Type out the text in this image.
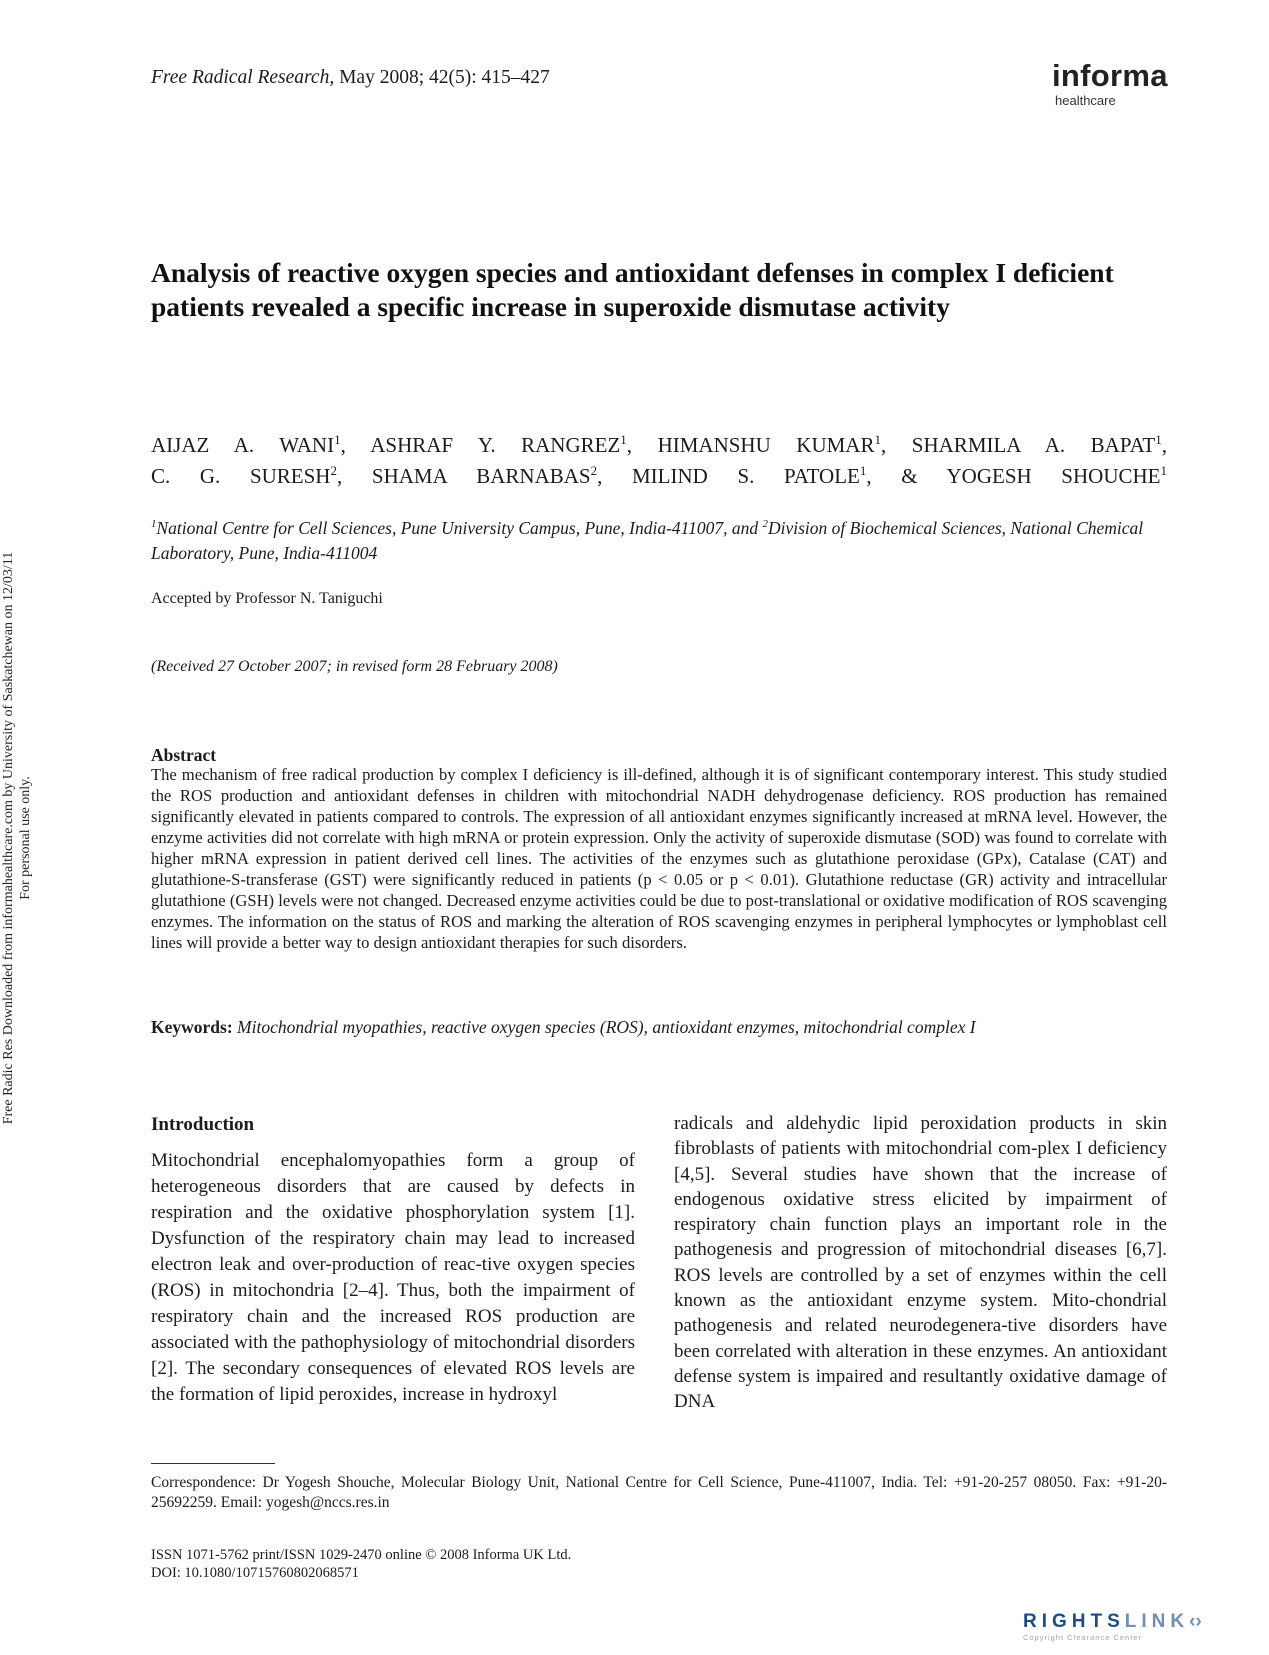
Free Radical Research, May 2008; 42(5): 415–427	informa
healthcare
Analysis of reactive oxygen species and antioxidant defenses in complex I deficient patients revealed a specific increase in superoxide dismutase activity
AIJAZ A. WANI$^1$, ASHRAF Y. RANGREZ$^1$, HIMANSHU KUMAR$^1$, SHARMILA A. BAPAT$^1$,
C. G. SURESH$^2$, SHAMA BARNABAS$^2$, MILIND S. PATOLE$^1$, & YOGESH SHOUCHE$^1$
$^1$National Centre for Cell Sciences, Pune University Campus, Pune, India-411007, and $^2$Division of Biochemical Sciences, National Chemical Laboratory, Pune, India-411004
Accepted by Professor N. Taniguchi
(Received 27 October 2007; in revised form 28 February 2008)
Abstract
The mechanism of free radical production by complex I deficiency is ill-defined, although it is of significant contemporary interest. This study studied the ROS production and antioxidant defenses in children with mitochondrial NADH dehydrogenase deficiency. ROS production has remained significantly elevated in patients compared to controls. The expression of all antioxidant enzymes significantly increased at mRNA level. However, the enzyme activities did not correlate with high mRNA or protein expression. Only the activity of superoxide dismutase (SOD) was found to correlate with higher mRNA expression in patient derived cell lines. The activities of the enzymes such as glutathione peroxidase (GPx), Catalase (CAT) and glutathione-S-transferase (GST) were significantly reduced in patients (p < 0.05 or p < 0.01). Glutathione reductase (GR) activity and intracellular glutathione (GSH) levels were not changed. Decreased enzyme activities could be due to post-translational or oxidative modification of ROS scavenging enzymes. The information on the status of ROS and marking the alteration of ROS scavenging enzymes in peripheral lymphocytes or lymphoblast cell lines will provide a better way to design antioxidant therapies for such disorders.
Keywords: Mitochondrial myopathies, reactive oxygen species (ROS), antioxidant enzymes, mitochondrial complex I
Introduction
Mitochondrial encephalomyopathies form a group of heterogeneous disorders that are caused by defects in respiration and the oxidative phosphorylation system [1]. Dysfunction of the respiratory chain may lead to increased electron leak and over-production of reac-tive oxygen species (ROS) in mitochondria [2–4]. Thus, both the impairment of respiratory chain and the increased ROS production are associated with the pathophysiology of mitochondrial disorders [2]. The secondary consequences of elevated ROS levels are the formation of lipid peroxides, increase in hydroxyl
radicals and aldehydic lipid peroxidation products in skin fibroblasts of patients with mitochondrial com-plex I deficiency [4,5]. Several studies have shown that the increase of endogenous oxidative stress elicited by impairment of respiratory chain function plays an important role in the pathogenesis and progression of mitochondrial diseases [6,7]. ROS levels are controlled by a set of enzymes within the cell known as the antioxidant enzyme system. Mito-chondrial pathogenesis and related neurodegenera-tive disorders have been correlated with alteration in these enzymes. An antioxidant defense system is impaired and resultantly oxidative damage of DNA
Correspondence: Dr Yogesh Shouche, Molecular Biology Unit, National Centre for Cell Science, Pune-411007, India. Tel: +91-20-257 08050. Fax: +91-20-25692259. Email: yogesh@nccs.res.in
ISSN 1071-5762 print/ISSN 1029-2470 online © 2008 Informa UK Ltd.
DOI: 10.1080/10715760802068571
Free Radic Res Downloaded from informahealthcare.com by University of Saskatchewan on 12/03/11 For personal use only.
RIGHTSLINK‹›
Copyright Clearance Center
